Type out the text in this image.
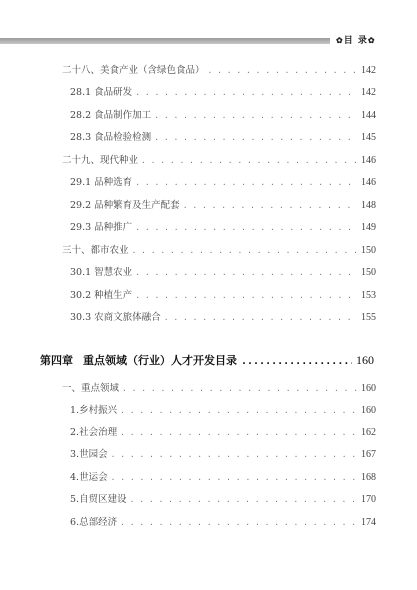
✿目 录✿
二十八、美食产业（含绿色食品） . . .	142
28.1 食品研发 . . .	142
28.2 食品制作加工 . . .	144
28.3 食品检验检测 . . .	145
二十九、现代种业 . . .	146
29.1 品种选育 . . .	146
29.2 品种繁育及生产配套 . . .	148
29.3 品种推广 . . .	149
三十、都市农业 . . .	150
30.1 智慧农业 . . .	150
30.2 种植生产 . . .	153
30.3 农商文旅体融合 . . .	155
第四章 重点领域（行业）人才开发目录 .....	160
一、重点领域 . . .	160
1.乡村振兴 . . .	160
2.社会治理 . . .	162
3.世园会 . . .	167
4.世运会 . . .	168
5.自贸区建设 . . .	170
6.总部经济 . . .	174
